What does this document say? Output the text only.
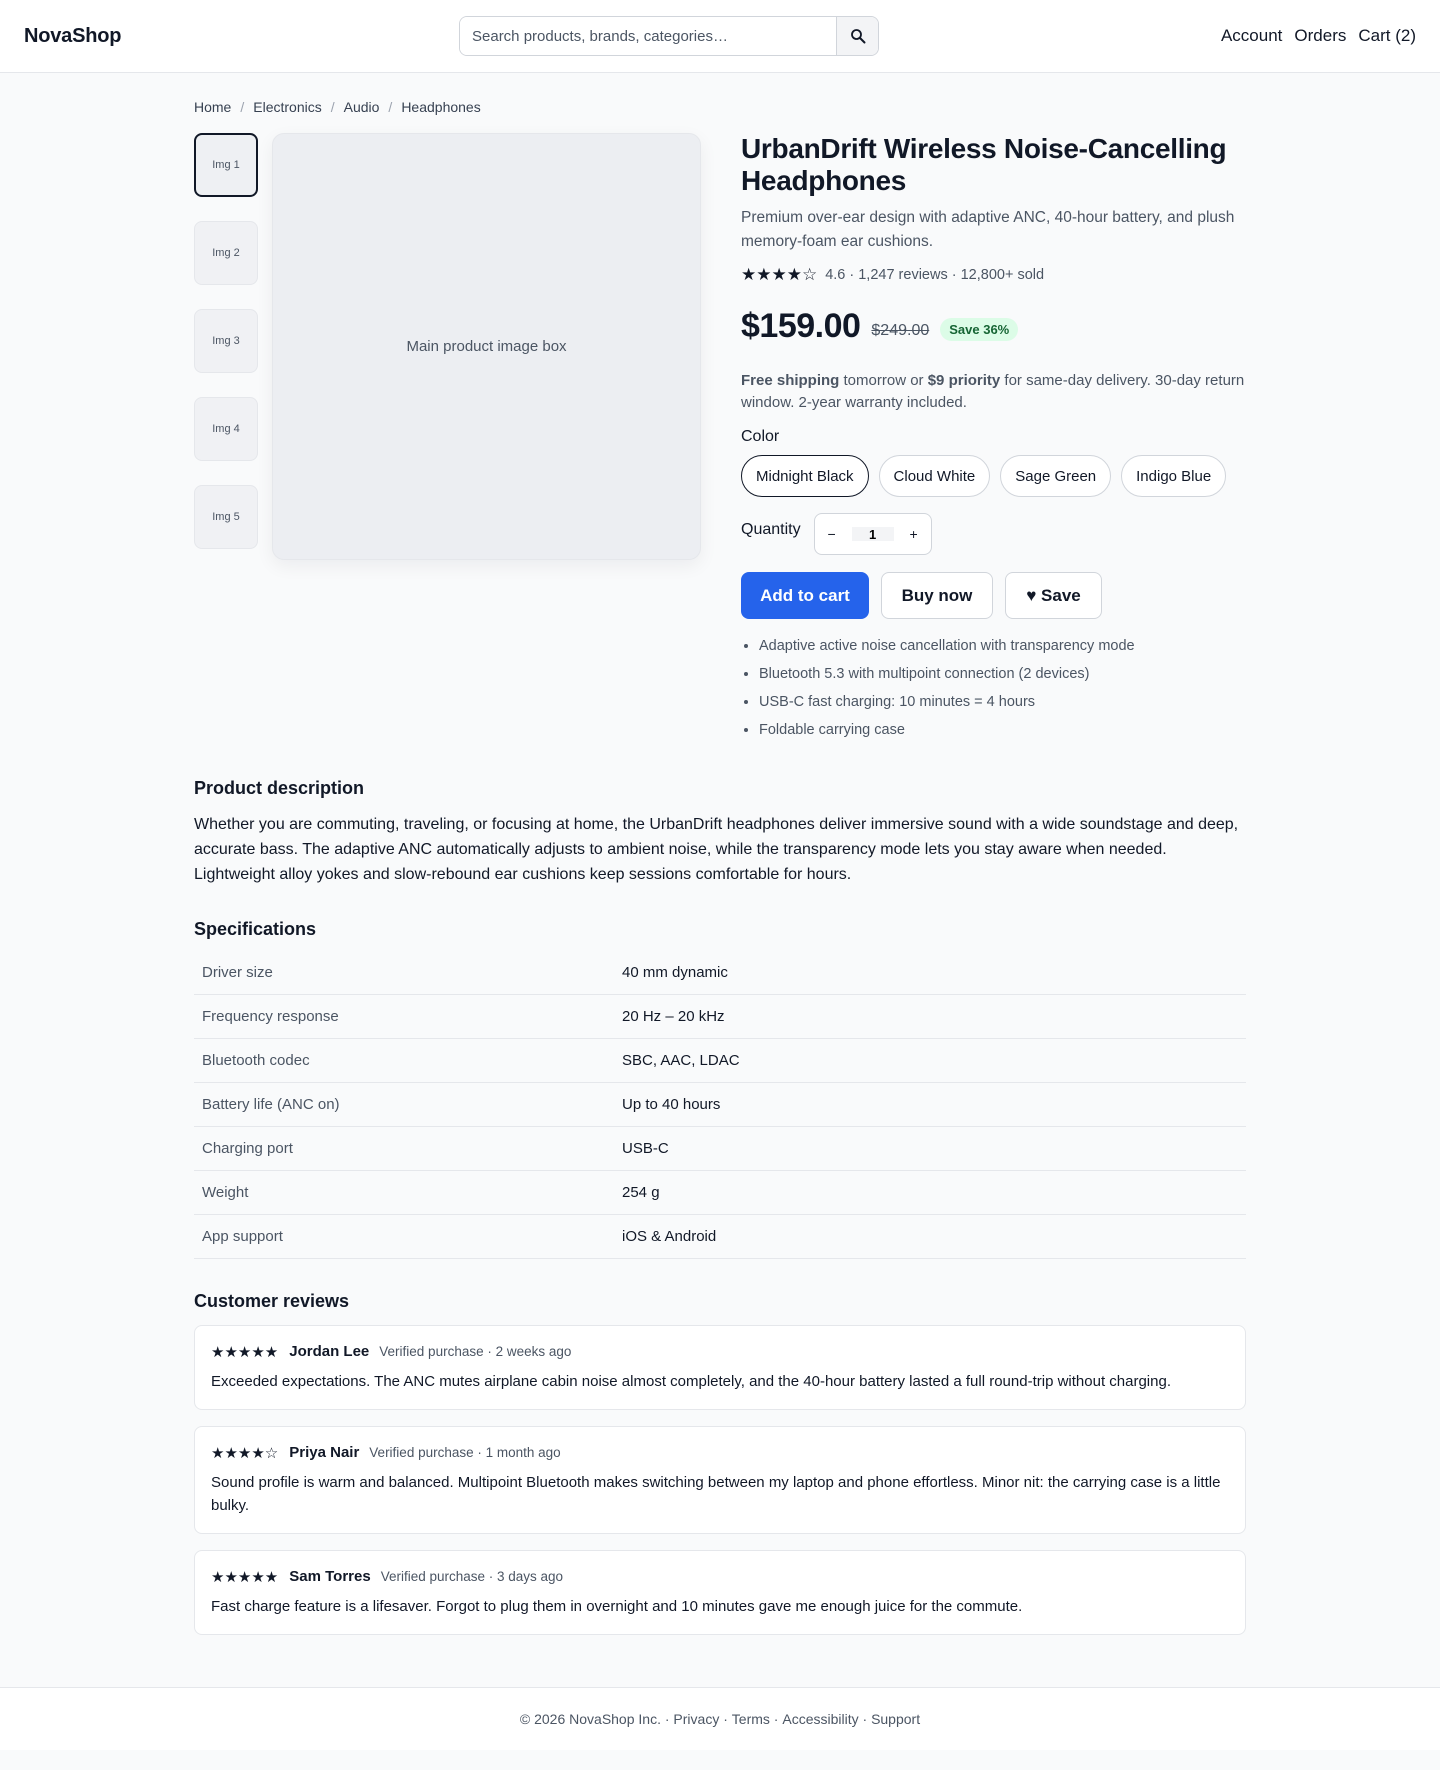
NovaShop
Search products, brands, categories…	Account Orders Cart (2)
Home / Electronics / Audio / Headphones
Img 1
Img 2
Img 3
Img 4
Img 5
Main product image box
UrbanDrift Wireless Noise-Cancelling Headphones

Premium over-ear design with adaptive ANC, 40-hour battery, and plush memory-foam ear cushions.

★★★★☆ 4.6 · 1,247 reviews · 12,800+ sold
$159.00 $249.00	Save 36%

Free shipping tomorrow or $9 priority for same-day delivery. 30-day return window. 2-year warranty included.

Color
Midnight Black	Cloud White	Sage Green	Indigo Blue
Quantity	−
1	+
Add to cart	Buy now	♥ Save
• Adaptive active noise cancellation with transparency mode
• Bluetooth 5.3 with multipoint connection (2 devices)
• USB-C fast charging: 10 minutes = 4 hours
• Foldable carrying case
Product description

Whether you are commuting, traveling, or focusing at home, the UrbanDrift headphones deliver immersive sound with a wide soundstage and deep, accurate bass. The adaptive ANC automatically adjusts to ambient noise, while the transparency mode lets you stay aware when needed. Lightweight alloy yokes and slow-rebound ear cushions keep sessions comfortable for hours.

Specifications
Driver size	40 mm dynamic
Frequency response	20 Hz – 20 kHz
Bluetooth codec	SBC, AAC, LDAC
Battery life (ANC on)	Up to 40 hours
Charging port	USB-C
Weight	254 g
App support	iOS & Android
Customer reviews
★★★★★ Jordan Lee Verified purchase · 2 weeks ago

Exceeded expectations. The ANC mutes airplane cabin noise almost completely, and the 40-hour battery lasted a full round-trip without charging.

★★★★☆ Priya Nair Verified purchase · 1 month ago

Sound profile is warm and balanced. Multipoint Bluetooth makes switching between my laptop and phone effortless. Minor nit: the carrying case is a little bulky.

★★★★★ Sam Torres Verified purchase · 3 days ago

Fast charge feature is a lifesaver. Forgot to plug them in overnight and 10 minutes gave me enough juice for the commute.

© 2026 NovaShop Inc. · Privacy · Terms · Accessibility · Support
